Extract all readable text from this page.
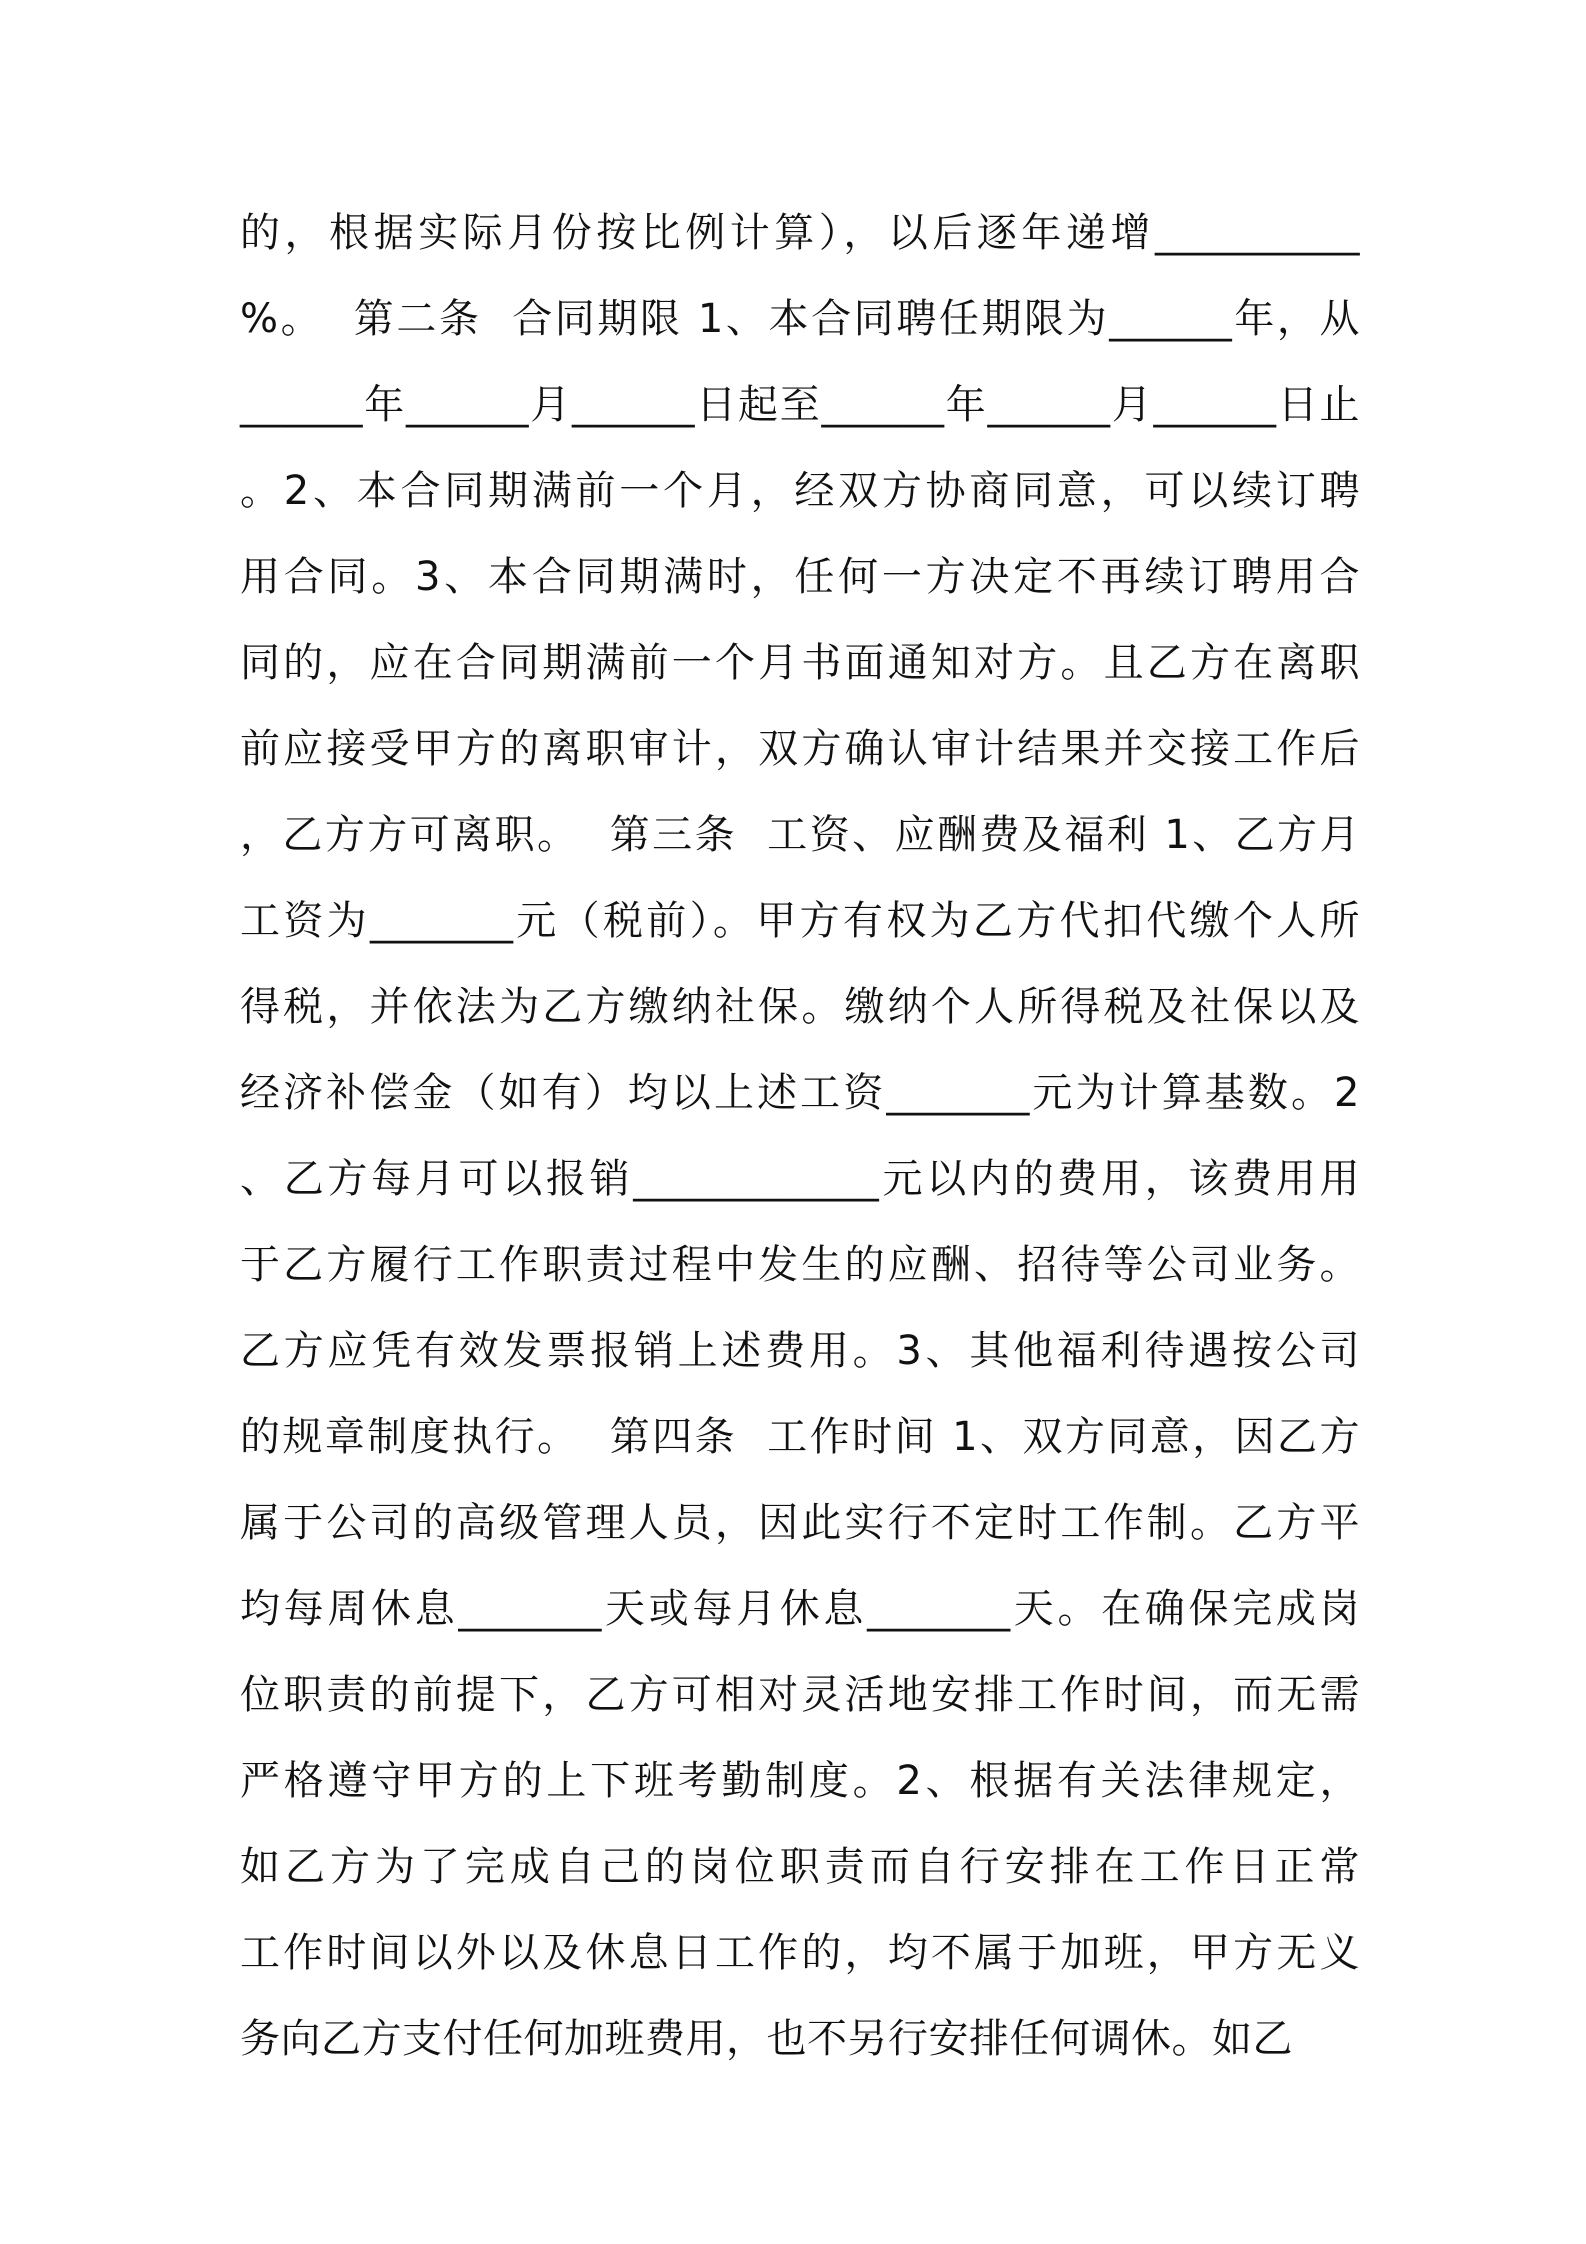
的，根据实际月份按比例计算），以后逐年递增__________
%。  第二条  合同期限 1、本合同聘任期限为______年，从
______年______月______日起至______年______月______日止
。2、本合同期满前一个月，经双方协商同意，可以续订聘
用合同。3、本合同期满时，任何一方决定不再续订聘用合
同的，应在合同期满前一个月书面通知对方。且乙方在离职
前应接受甲方的离职审计，双方确认审计结果并交接工作后
，乙方方可离职。  第三条  工资、应酬费及福利 1、乙方月
工资为_______元（税前）。甲方有权为乙方代扣代缴个人所
得税，并依法为乙方缴纳社保。缴纳个人所得税及社保以及
经济补偿金（如有）均以上述工资_______元为计算基数。2
、乙方每月可以报销____________元以内的费用，该费用用
于乙方履行工作职责过程中发生的应酬、招待等公司业务。
乙方应凭有效发票报销上述费用。3、其他福利待遇按公司
的规章制度执行。  第四条  工作时间 1、双方同意，因乙方
属于公司的高级管理人员，因此实行不定时工作制。乙方平
均每周休息_______天或每月休息_______天。在确保完成岗
位职责的前提下，乙方可相对灵活地安排工作时间，而无需
严格遵守甲方的上下班考勤制度。2、根据有关法律规定，
如乙方为了完成自己的岗位职责而自行安排在工作日正常
工作时间以外以及休息日工作的，均不属于加班，甲方无义
务向乙方支付任何加班费用，也不另行安排任何调休。如乙
